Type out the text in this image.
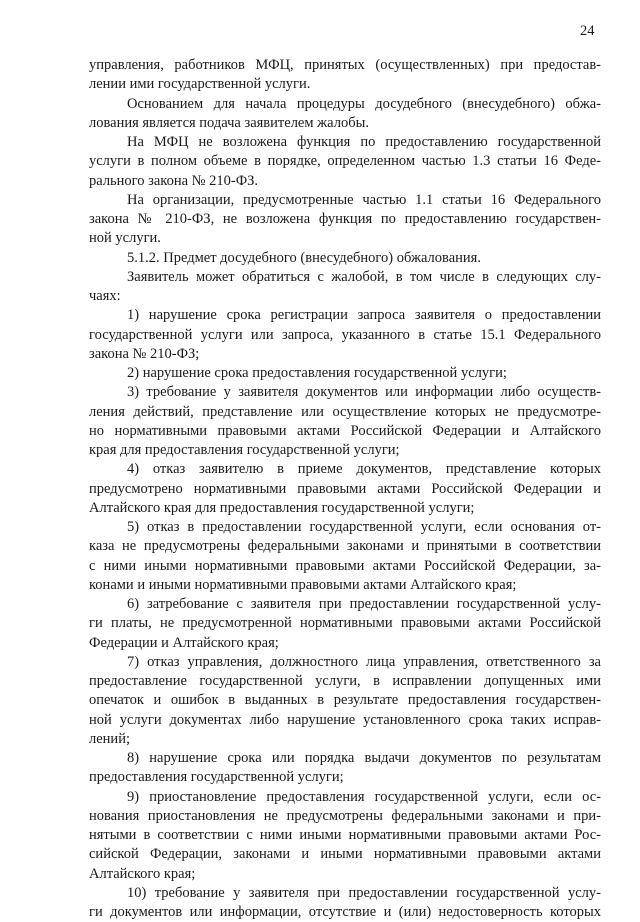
24
управления, работников МФЦ, принятых (осуществленных) при предостав-
лении ими государственной услуги.
Основанием для начала процедуры досудебного (внесудебного) обжа-
лования является подача заявителем жалобы.
На МФЦ не возложена функция по предоставлению государственной
услуги в полном объеме в порядке, определенном частью 1.3 статьи 16 Феде-
рального закона № 210-ФЗ.
На организации, предусмотренные частью 1.1 статьи 16 Федерального
закона № 210-ФЗ, не возложена функция по предоставлению государствен-
ной услуги.
5.1.2. Предмет досудебного (внесудебного) обжалования.
Заявитель может обратиться с жалобой, в том числе в следующих слу-
чаях:
1) нарушение срока регистрации запроса заявителя о предоставлении
государственной услуги или запроса, указанного в статье 15.1 Федерального
закона № 210-ФЗ;
2) нарушение срока предоставления государственной услуги;
3) требование у заявителя документов или информации либо осуществ-
ления действий, представление или осуществление которых не предусмотре-
но нормативными правовыми актами Российской Федерации и Алтайского
края для предоставления государственной услуги;
4) отказ заявителю в приеме документов, представление которых
предусмотрено нормативными правовыми актами Российской Федерации и
Алтайского края для предоставления государственной услуги;
5) отказ в предоставлении государственной услуги, если основания от-
каза не предусмотрены федеральными законами и принятыми в соответствии
с ними иными нормативными правовыми актами Российской Федерации, за-
конами и иными нормативными правовыми актами Алтайского края;
6) затребование с заявителя при предоставлении государственной услу-
ги платы, не предусмотренной нормативными правовыми актами Российской
Федерации и Алтайского края;
7) отказ управления, должностного лица управления, ответственного за
предоставление государственной услуги, в исправлении допущенных ими
опечаток и ошибок в выданных в результате предоставления государствен-
ной услуги документах либо нарушение установленного срока таких исправ-
лений;
8) нарушение срока или порядка выдачи документов по результатам
предоставления государственной услуги;
9) приостановление предоставления государственной услуги, если ос-
нования приостановления не предусмотрены федеральными законами и при-
нятыми в соответствии с ними иными нормативными правовыми актами Рос-
сийской Федерации, законами и иными нормативными правовыми актами
Алтайского края;
10) требование у заявителя при предоставлении государственной услу-
ги документов или информации, отсутствие и (или) недостоверность которых
